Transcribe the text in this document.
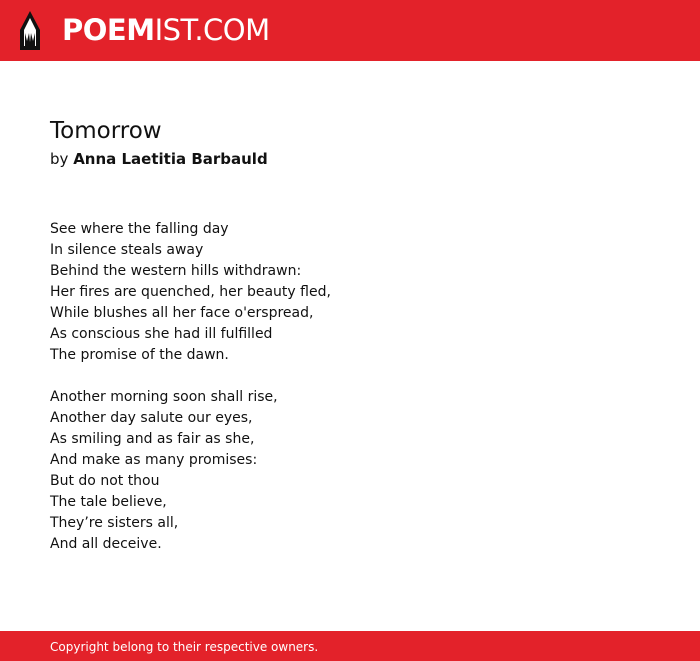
POEMIST.COM
Tomorrow
by Anna Laetitia Barbauld
See where the falling day
In silence steals away
Behind the western hills withdrawn:
Her fires are quenched, her beauty fled,
While blushes all her face o'erspread,
As conscious she had ill fulfilled
The promise of the dawn.
Another morning soon shall rise,
Another day salute our eyes,
As smiling and as fair as she,
And make as many promises:
But do not thou
The tale believe,
They’re sisters all,
And all deceive.
Copyright belong to their respective owners.
